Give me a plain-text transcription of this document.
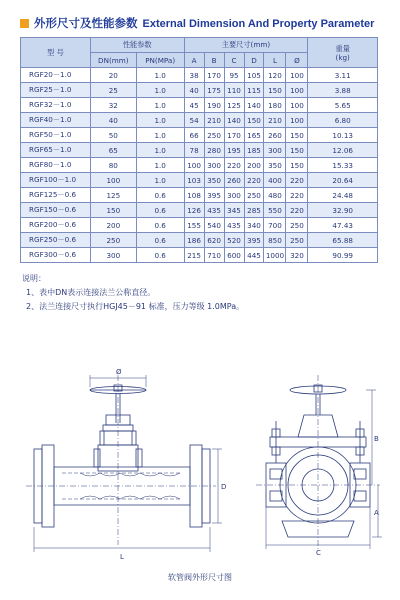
外形尺寸及性能参数 External Dimension And Property Parameter
型 号	性能参数		主要尺寸(mm)						重量
(kg)
	DN(mm)	PN(MPa)	A	B	C	D	L	Ø	
RGF20－1.0	20	1.0	38	170	95	105	120	100	3.11
RGF25－1.0	25	1.0	40	175	110	115	150	100	3.88
RGF32－1.0	32	1.0	45	190	125	140	180	100	5.65
RGF40－1.0	40	1.0	54	210	140	150	210	100	6.80
RGF50－1.0	50	1.0	66	250	170	165	260	150	10.13
RGF65－1.0	65	1.0	78	280	195	185	300	150	12.06
RGF80－1.0	80	1.0	100	300	220	200	350	150	15.33
RGF100－1.0	100	1.0	103	350	260	220	400	220	20.64
RGF125－0.6	125	0.6	108	395	300	250	480	220	24.48
RGF150－0.6	150	0.6	126	435	345	285	550	220	32.90
RGF200－0.6	200	0.6	155	540	435	340	700	250	47.43
RGF250－0.6	250	0.6	186	620	520	395	850	250	65.88
RGF300－0.6	300	0.6	215	710	600	445	1000	320	90.99
说明：
1、表中DN表示连接法兰公称直径。
2、法兰连接尺寸执行HGJ45－91 标准，压力等级 1.0MPa。
Ø
D
L
B
A
C
软管阀外形尺寸图
